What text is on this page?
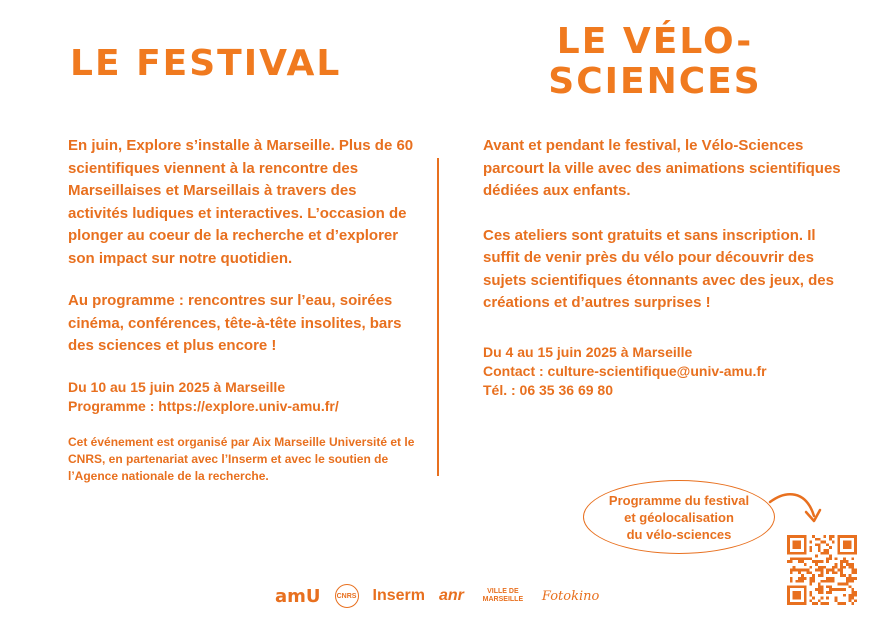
LE FESTIVAL
LE VÉLO-
SCIENCES

En juin, Explore s’installe à Marseille. Plus de 60 scientifiques viennent à la rencontre des Marseillaises et Marseillais à travers des activités ludiques et interactives. L’occasion de plonger au coeur de la recherche et d’explorer son impact sur notre quotidien.

Au programme : rencontres sur l’eau, soirées cinéma, conférences, tête-à-tête insolites, bars des sciences et plus encore !

Du 10 au 15 juin 2025 à Marseille

Programme : https://explore.univ-amu.fr/

Cet événement est organisé par Aix Marseille Université et le CNRS, en partenariat avec l’Inserm et avec le soutien de l’Agence nationale de la recherche.

Avant et pendant le festival, le Vélo-Sciences parcourt la ville avec des animations scientifiques dédiées aux enfants.

Ces ateliers sont gratuits et sans inscription. Il suffit de venir près du vélo pour découvrir des sujets scientifiques étonnants avec des jeux, des créations et d’autres surprises !

Du 4 au 15 juin 2025 à Marseille

Contact : culture-scientifique@univ-amu.fr

Tél. : 06 35 36 69 80

Programme du festival
et géolocalisation
du vélo-sciences
amU CNRS Inserm anr	VILLE DE MARSEILLE	Fotokino
